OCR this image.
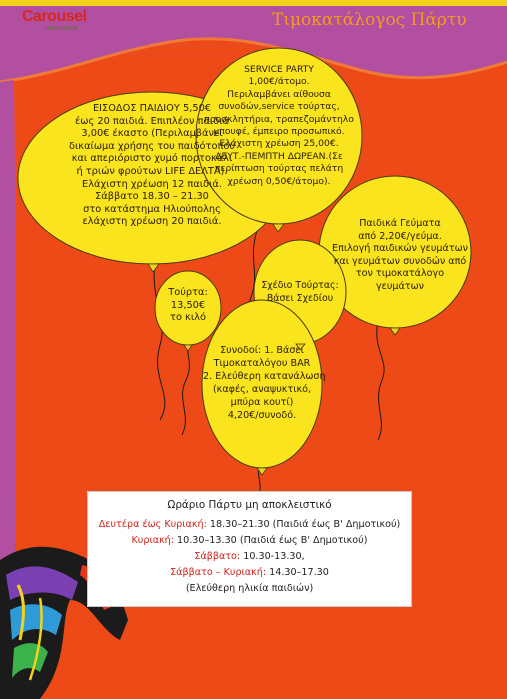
Carousel
ΠΑΙΔΟΤΟΠΟΣ	Τιμοκατάλογος Πάρτυ
ΕΙΣΟΔΟΣ ΠΑΙΔΙΟΥ 5,50€
έως 20 παιδιά. Επιπλέον παιδιά
3,00€ έκαστο (Περιλαμβάνει
δικαίωμα χρήσης του παιδότοπου
και απεριόριστο χυμό πορτοκάλι
ή τριών φρούτων LIFE ΔΕΛΤΑ).
Ελάχιστη χρέωση 12 παιδιά.
Σάββατο 18.30 – 21.30
στο κατάστημα Ηλιούπολης
ελάχιστη χρέωση 20 παιδιά.
SERVICE PARTY
1,00€/άτομο.
Περιλαμβάνει αίθουσα
συνοδών,service τούρτας,
προσκλητήρια, τραπεζομάντηλο
μπουφέ, έμπειρο προσωπικό.
Ελάχιστη χρέωση 25,00€.
ΔΕΥΤ.-ΠΕΜΠΤΗ ΔΩΡΕΑΝ.(Σε
περίπτωση τούρτας πελάτη
χρέωση 0,50€/άτομο).
Παιδικά Γεύματα
από 2,20€/γεύμα.
Επιλογή παιδικών γευμάτων
και γευμάτων συνοδών από
τον τιμοκατάλογο
γευμάτων
Τούρτα:
13,50€
το κιλό
Σχέδιο Τούρτας:
Βάσει Σχεδίου
Συνοδοί: 1. Βάσει
Τιμοκαταλόγου BAR
2. Ελεύθερη κατανάλωση
(καφές, αναψυκτικό,
μπύρα κουτί)
4,20€/συνοδό.
Ωράριο Πάρτυ μη αποκλειστικό
Δευτέρα έως Κυριακή: 18.30–21.30 (Παιδιά έως Β' Δημοτικού)
Κυριακή: 10.30–13.30 (Παιδιά έως Β' Δημοτικού)
Σάββατο: 10.30-13.30,
Σάββατο – Κυριακή: 14.30–17.30
(Ελεύθερη ηλικία παιδιών)
